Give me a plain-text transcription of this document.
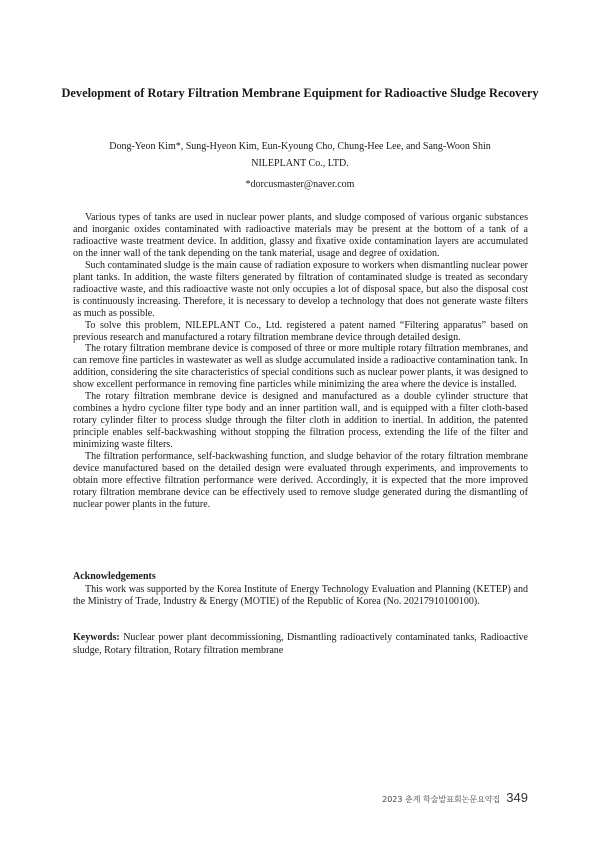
Development of Rotary Filtration Membrane Equipment for Radioactive Sludge Recovery
Dong-Yeon Kim*, Sung-Hyeon Kim, Eun-Kyoung Cho, Chung-Hee Lee, and Sang-Woon Shin
NILEPLANT Co., LTD.
*dorcusmaster@naver.com

Various types of tanks are used in nuclear power plants, and sludge composed of various organic substances and inorganic oxides contaminated with radioactive materials may be present at the bottom of a tank of a radioactive waste treatment device. In addition, glassy and fixative oxide contamination layers are accumulated on the inner wall of the tank depending on the tank material, usage and degree of oxidation.

Such contaminated sludge is the main cause of radiation exposure to workers when dismantling nuclear power plant tanks. In addition, the waste filters generated by filtration of contaminated sludge is treated as secondary radioactive waste, and this radioactive waste not only occupies a lot of disposal space, but also the disposal cost is continuously increasing. Therefore, it is necessary to develop a technology that does not generate waste filters as much as possible.

To solve this problem, NILEPLANT Co., Ltd. registered a patent named “Filtering apparatus” based on previous research and manufactured a rotary filtration membrane device through detailed design.

The rotary filtration membrane device is composed of three or more multiple rotary filtration membranes, and can remove fine particles in wastewater as well as sludge accumulated inside a radioactive contamination tank. In addition, considering the site characteristics of special conditions such as nuclear power plants, it was designed to show excellent performance in removing fine particles while minimizing the area where the device is installed.

The rotary filtration membrane device is designed and manufactured as a double cylinder structure that combines a hydro cyclone filter type body and an inner partition wall, and is equipped with a filter cloth-based rotary cylinder filter to process sludge through the filter cloth in addition to inertial. In addition, the patented principle enables self-backwashing without stopping the filtration process, extending the life of the filter and minimizing waste filters.

The filtration performance, self-backwashing function, and sludge behavior of the rotary filtration membrane device manufactured based on the detailed design were evaluated through experiments, and improvements to obtain more effective filtration performance were derived. Accordingly, it is expected that the more improved rotary filtration membrane device can be effectively used to remove sludge generated during the dismantling of nuclear power plants in the future.

Acknowledgements
This work was supported by the Korea Institute of Energy Technology Evaluation and Planning (KETEP) and the Ministry of Trade, Industry & Energy (MOTIE) of the Republic of Korea (No. 20217910100100).
Keywords: Nuclear power plant decommissioning, Dismantling radioactively contaminated tanks, Radioactive sludge, Rotary filtration, Rotary filtration membrane
2023 춘계 학술발표회논문요약집 349
